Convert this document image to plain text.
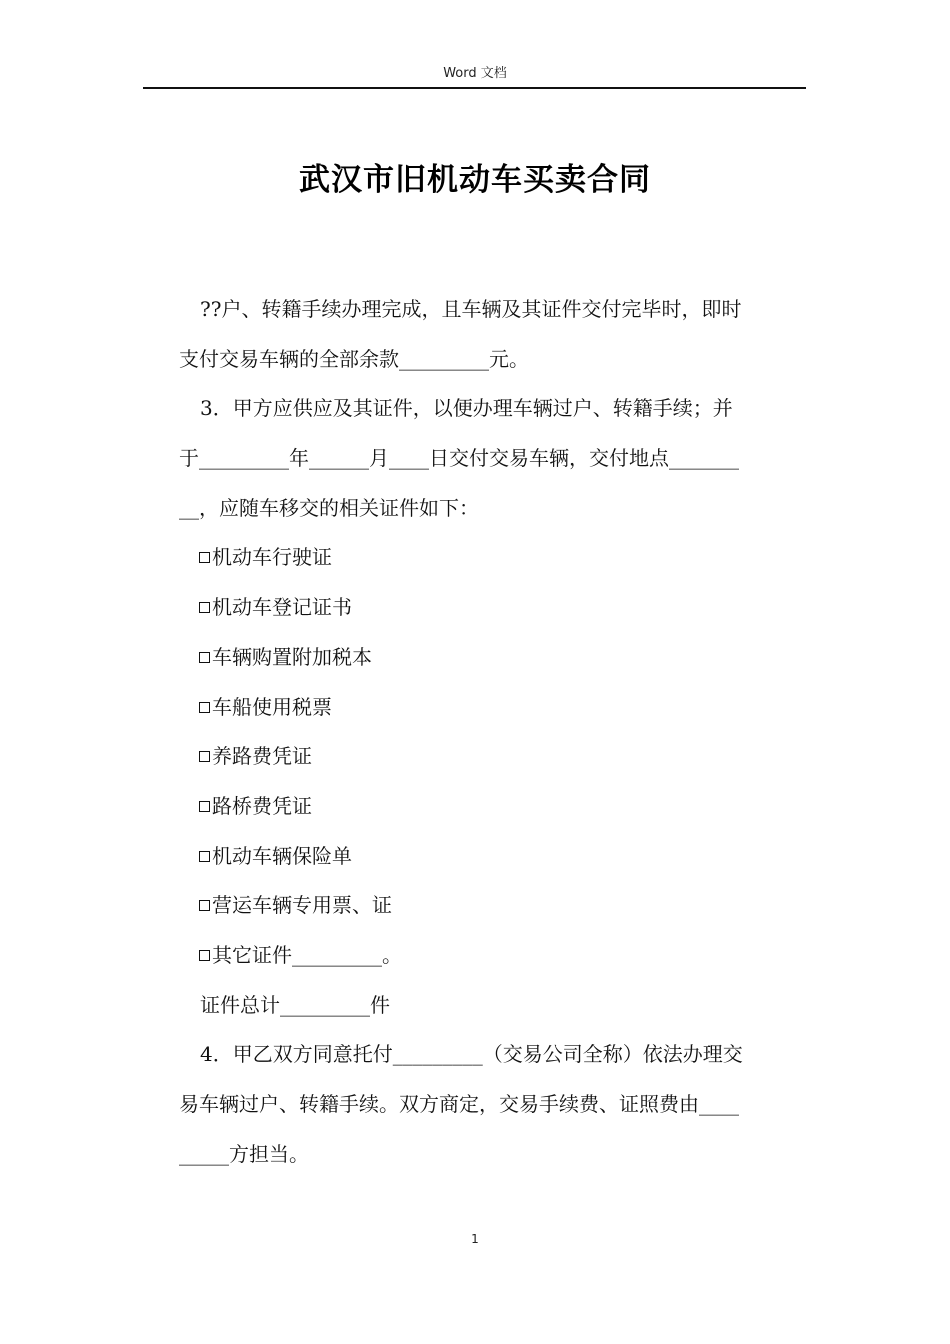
Word 文档
武汉市旧机动车买卖合同
??户、转籍手续办理完成，且车辆及其证件交付完毕时，即时
支付交易车辆的全部余款_________元。
3．甲方应供应及其证件，以便办理车辆过户、转籍手续；并
于_________年______月____日交付交易车辆，交付地点_______
__，应随车移交的相关证件如下：
机动车行驶证
机动车登记证书
车辆购置附加税本
车船使用税票
养路费凭证
路桥费凭证
机动车辆保险单
营运车辆专用票、证
其它证件_________。
证件总计_________件
4．甲乙双方同意托付_________（交易公司全称）依法办理交
易车辆过户、转籍手续。双方商定，交易手续费、证照费由____
_____方担当。
1
